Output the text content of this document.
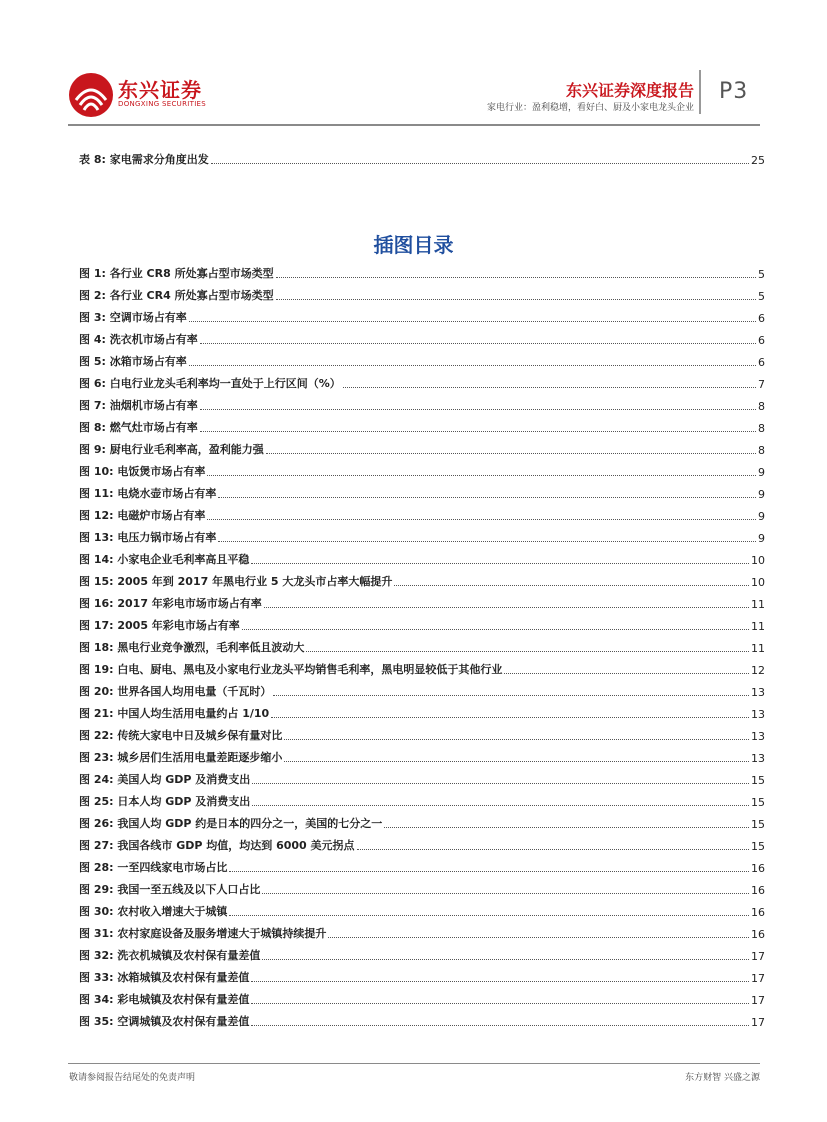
东兴证券
DONGXING SECURITIES
东兴证券深度报告
家电行业：盈利稳增，看好白、厨及小家电龙头企业
P3
表 8: 家电需求分角度出发	25
插图目录
图 1: 各行业 CR8 所处寡占型市场类型	5
图 2: 各行业 CR4 所处寡占型市场类型	5
图 3: 空调市场占有率	6
图 4: 洗衣机市场占有率	6
图 5: 冰箱市场占有率	6
图 6: 白电行业龙头毛利率均一直处于上行区间（%）	7
图 7: 油烟机市场占有率	8
图 8: 燃气灶市场占有率	8
图 9: 厨电行业毛利率高，盈利能力强	8
图 10: 电饭煲市场占有率	9
图 11: 电烧水壶市场占有率	9
图 12: 电磁炉市场占有率	9
图 13: 电压力锅市场占有率	9
图 14: 小家电企业毛利率高且平稳	10
图 15: 2005 年到 2017 年黑电行业 5 大龙头市占率大幅提升	10
图 16: 2017 年彩电市场市场占有率	11
图 17: 2005 年彩电市场占有率	11
图 18: 黑电行业竞争激烈，毛利率低且波动大	11
图 19: 白电、厨电、黑电及小家电行业龙头平均销售毛利率，黑电明显较低于其他行业	12
图 20: 世界各国人均用电量（千瓦时）	13
图 21: 中国人均生活用电量约占 1/10	13
图 22: 传统大家电中日及城乡保有量对比	13
图 23: 城乡居们生活用电量差距逐步缩小	13
图 24: 美国人均 GDP 及消费支出	15
图 25: 日本人均 GDP 及消费支出	15
图 26: 我国人均 GDP 约是日本的四分之一，美国的七分之一	15
图 27: 我国各线市 GDP 均值，均达到 6000 美元拐点	15
图 28: 一至四线家电市场占比	16
图 29: 我国一至五线及以下人口占比	16
图 30: 农村收入增速大于城镇	16
图 31: 农村家庭设备及服务增速大于城镇持续提升	16
图 32: 洗衣机城镇及农村保有量差值	17
图 33: 冰箱城镇及农村保有量差值	17
图 34: 彩电城镇及农村保有量差值	17
图 35: 空调城镇及农村保有量差值	17
敬请参阅报告结尾处的免责声明	东方财智 兴盛之源
